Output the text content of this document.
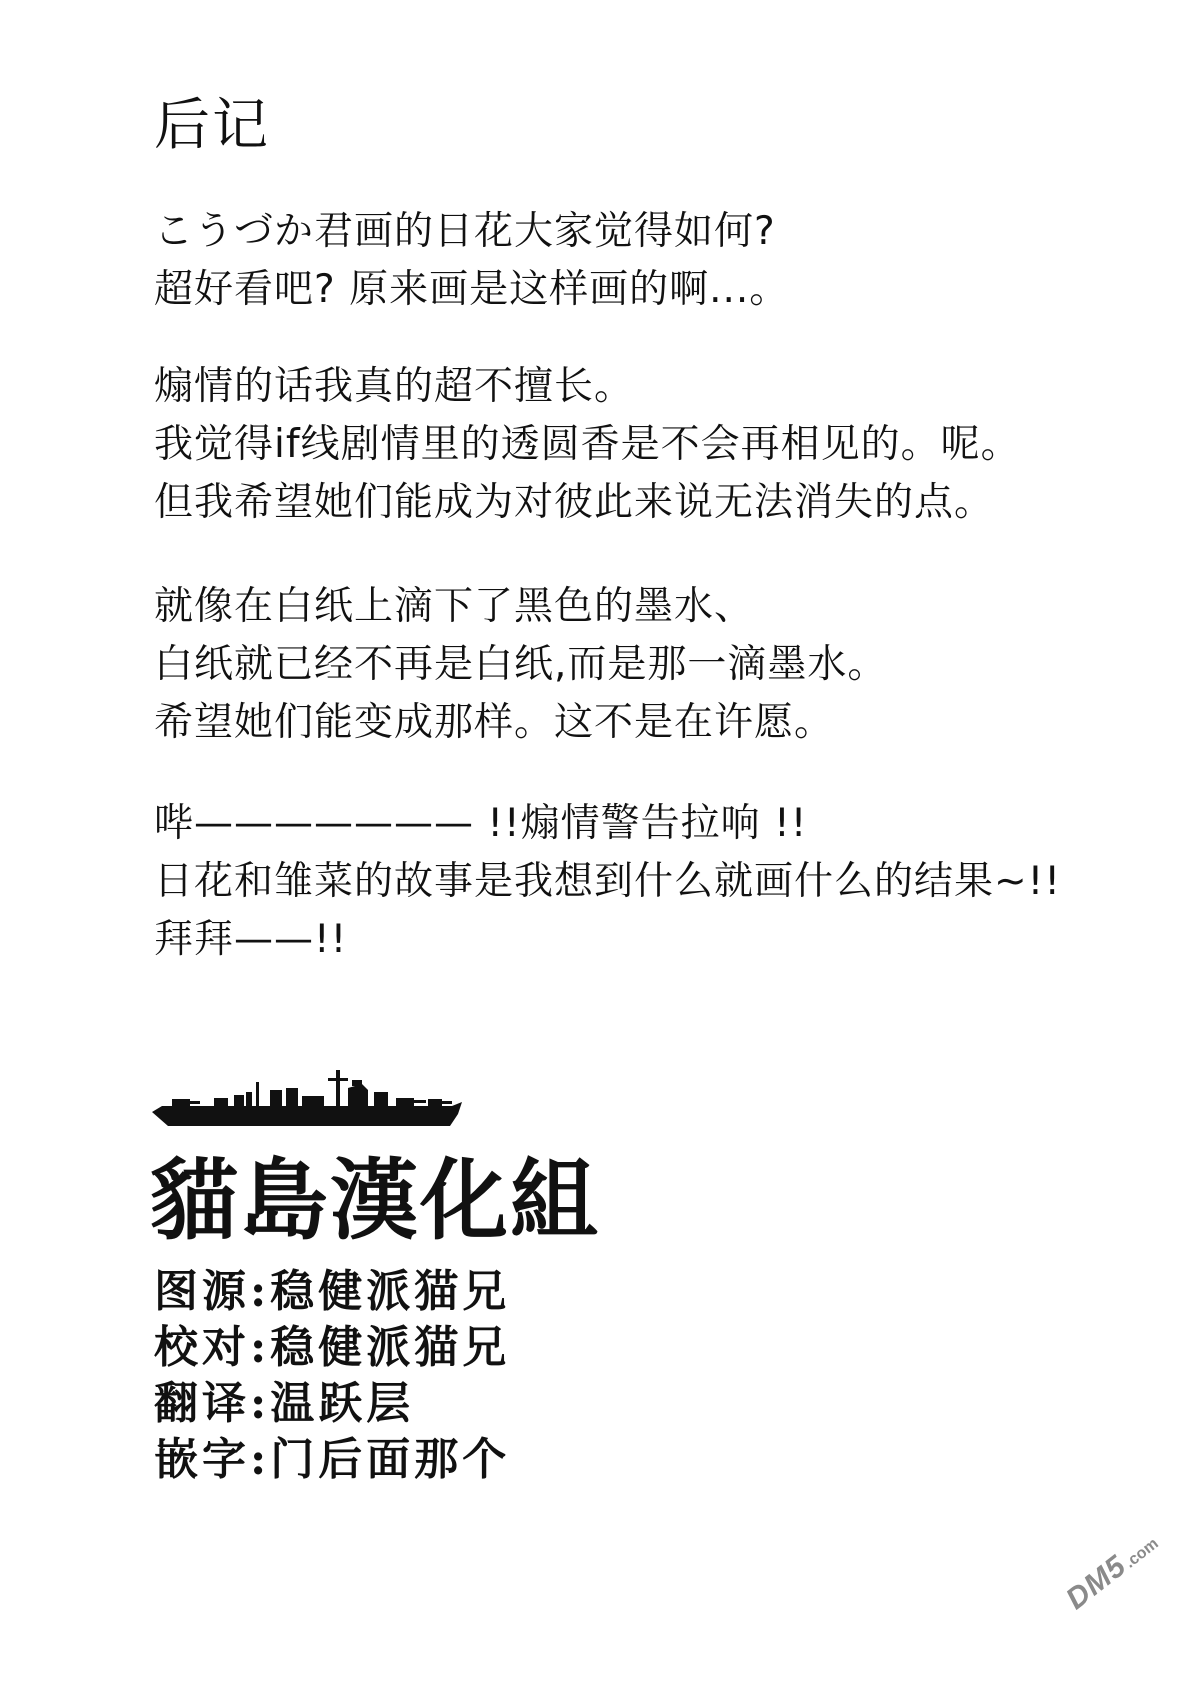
后记
こうづか君画的日花大家觉得如何?
超好看吧? 原来画是这样画的啊...。
煽情的话我真的超不擅长。
我觉得if线剧情里的透圆香是不会再相见的。呢。
但我希望她们能成为对彼此来说无法消失的点。
就像在白纸上滴下了黑色的墨水、
白纸就已经不再是白纸,而是那一滴墨水。
希望她们能变成那样。这不是在许愿。
哔——————— !!煽情警告拉响 !!
日花和雏菜的故事是我想到什么就画什么的结果~!!
拜拜——!!
貓島漢化組
图源:稳健派猫兄
校对:稳健派猫兄
翻译:温跃层
嵌字:门后面那个
DM5.com
